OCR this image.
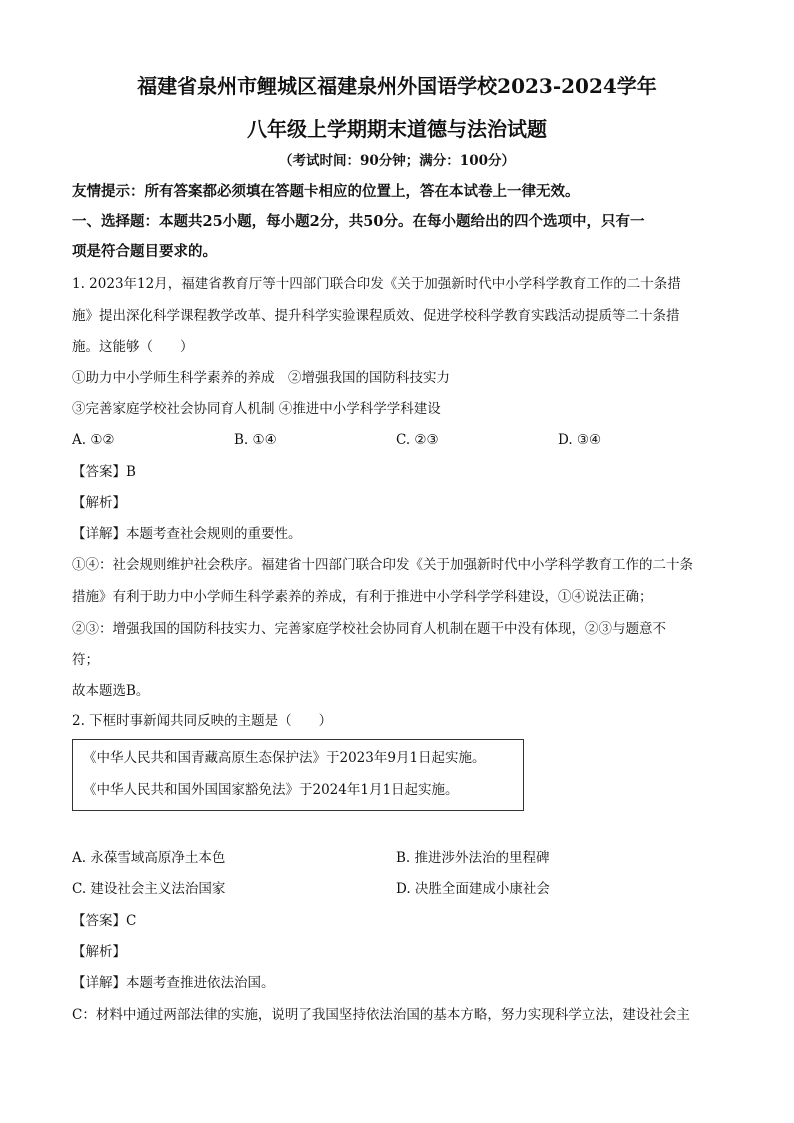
福建省泉州市鲤城区福建泉州外国语学校2023-2024学年
八年级上学期期末道德与法治试题
（考试时间：90分钟；满分：100分）
友情提示：所有答案都必须填在答题卡相应的位置上，答在本试卷上一律无效。
一、选择题：本题共25小题，每小题2分，共50分。在每小题给出的四个选项中，只有一
项是符合题目要求的。
1. 2023年12月，福建省教育厅等十四部门联合印发《关于加强新时代中小学科学教育工作的二十条措
施》提出深化科学课程教学改革、提升科学实验课程质效、促进学校科学教育实践活动提质等二十条措
施。这能够（　　）
①助力中小学师生科学素养的养成　②增强我国的国防科技实力
③完善家庭学校社会协同育人机制 ④推进中小学科学学科建设
A. ①②	B. ①④	C. ②③	D. ③④
【答案】B
【解析】
【详解】本题考查社会规则的重要性。
①④：社会规则维护社会秩序。福建省十四部门联合印发《关于加强新时代中小学科学教育工作的二十条
措施》有利于助力中小学师生科学素养的养成，有利于推进中小学科学学科建设，①④说法正确；
②③：增强我国的国防科技实力、完善家庭学校社会协同育人机制在题干中没有体现，②③与题意不
符；
故本题选B。
2. 下框时事新闻共同反映的主题是（　　）
《中华人民共和国青藏高原生态保护法》于2023年9月1日起实施。
《中华人民共和国外国国家豁免法》于2024年1月1日起实施。
A. 永葆雪域高原净土本色	B. 推进涉外法治的里程碑
C. 建设社会主义法治国家	D. 决胜全面建成小康社会
【答案】C
【解析】
【详解】本题考查推进依法治国。
C：材料中通过两部法律的实施，说明了我国坚持依法治国的基本方略，努力实现科学立法，建设社会主
